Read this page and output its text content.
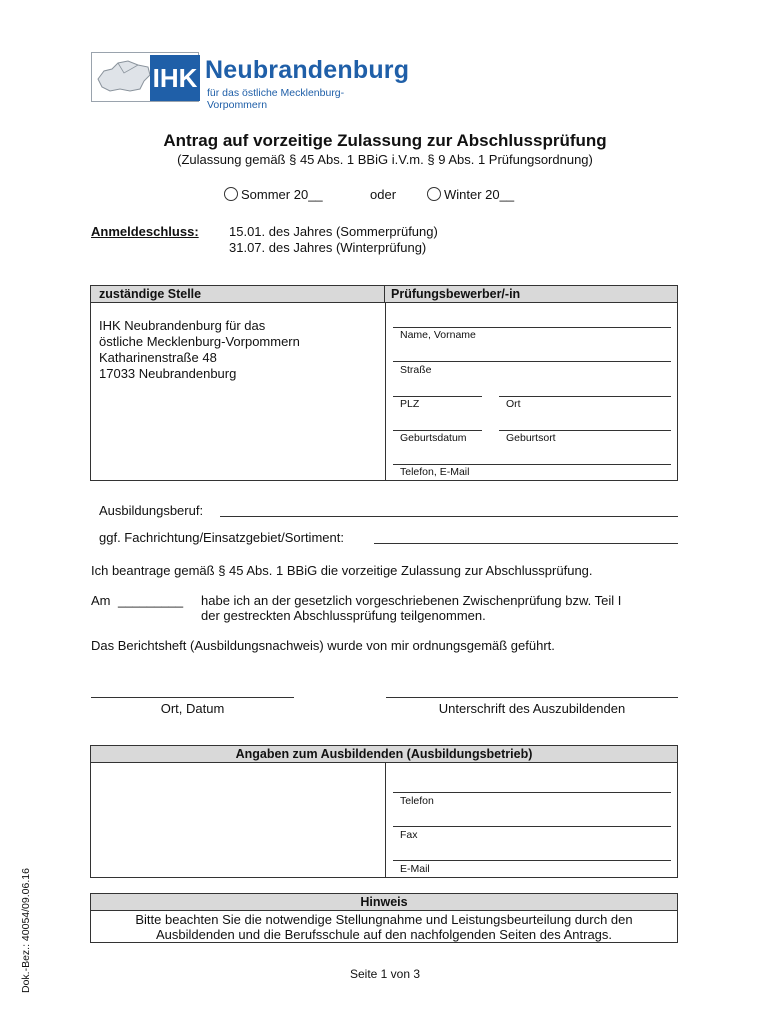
IHK Neubrandenburg
für das östliche Mecklenburg-Vorpommern
Antrag auf vorzeitige Zulassung zur Abschlussprüfung
(Zulassung gemäß § 45 Abs. 1 BBiG i.V.m. § 9 Abs. 1 Prüfungsordnung)
Sommer 20__	oder	Winter 20__
Anmeldeschluss: 15.01. des Jahres (Sommerprüfung)
31.07. des Jahres (Winterprüfung)
zuständige Stelle	Prüfungsbewerber/-in
IHK Neubrandenburg für das
östliche Mecklenburg-Vorpommern
Katharinenstraße 48
17033 Neubrandenburg
Name, Vorname
Straße
PLZ	Ort
Geburtsdatum	Geburtsort
Telefon, E-Mail
Ausbildungsberuf:
ggf. Fachrichtung/Einsatzgebiet/Sortiment:
Ich beantrage gemäß § 45 Abs. 1 BBiG die vorzeitige Zulassung zur Abschlussprüfung.
Am _________ habe ich an der gesetzlich vorgeschriebenen Zwischenprüfung bzw. Teil I
der gestreckten Abschlussprüfung teilgenommen.
Das Berichtsheft (Ausbildungsnachweis) wurde von mir ordnungsgemäß geführt.
Ort, Datum	Unterschrift des Auszubildenden
Angaben zum Ausbildenden (Ausbildungsbetrieb)
Telefon
Fax
E-Mail
Hinweis
Bitte beachten Sie die notwendige Stellungnahme und Leistungsbeurteilung durch den
Ausbildenden und die Berufsschule auf den nachfolgenden Seiten des Antrags.
Seite 1 von 3
Dok.-Bez.: 40054/09.06.16
